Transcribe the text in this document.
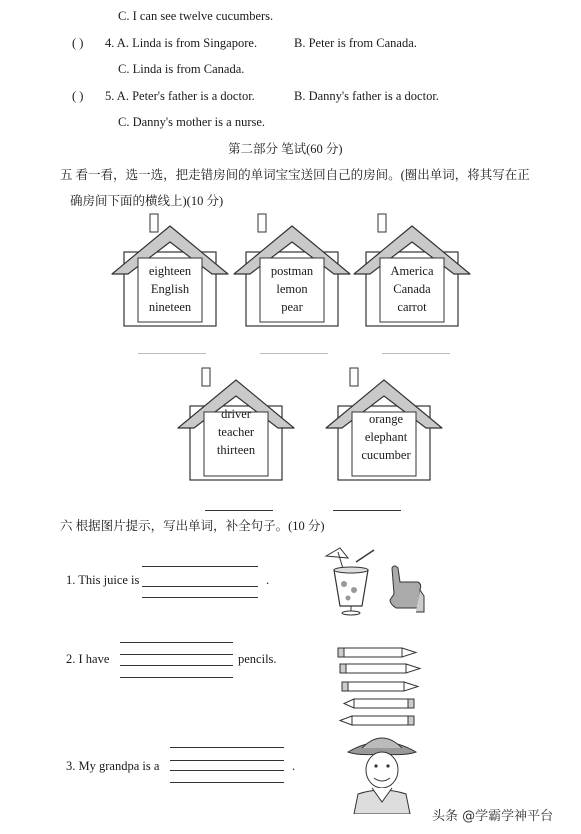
C. I can see twelve cucumbers.
( ) 4. A. Linda is from Singapore.	B. Peter is from Canada.
C. Linda is from Canada.
( ) 5. A. Peter's father is a doctor.	B. Danny's father is a doctor.
C. Danny's mother is a nurse.
第二部分 笔试(60 分)
五 看一看，选一选，把走错房间的单词宝宝送回自己的房间。(圈出单词，将其写在正
确房间下面的横线上)(10 分)
eighteen
English
nineteen
postman
lemon
pear
America
Canada
carrot
driver
teacher
thirteen
orange
elephant
cucumber
六 根据图片提示，写出单词，补全句子。(10 分)
1. This juice is	.
2. I have	pencils.
3. My grandpa is a	.
头条 @学霸学神平台
